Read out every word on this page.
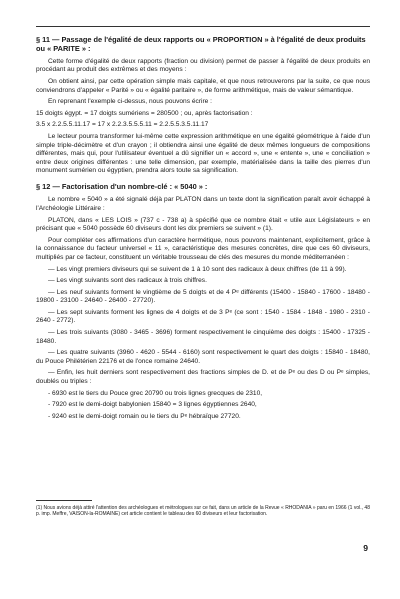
§ 11 — Passage de l'égalité de deux rapports ou « PROPORTION » à l'égalité de deux produits ou « PARITE » :
Cette forme d'égalité de deux rapports (fraction ou division) permet de passer à l'égalité de deux produits en procédant au produit des extrêmes et des moyens :
On obtient ainsi, par cette opération simple mais capitale, et que nous retrouverons par la suite, ce que nous conviendrons d'appeler « Parité » ou « égalité paritaire », de forme arithmétique, mais de valeur sémantique.
En reprenant l'exemple ci-dessus, nous pouvons écrire :
15 doigts égypt. = 17 doigts sumériens = 280500 ; ou, après factorisation :
3.5 x 2.2.5.5.11.17 = 17 x 2.2.3.5.5.5.11 = 2.2.5.5.3.5.11.17
Le lecteur pourra transformer lui-même cette expression arithmétique en une égalité géométrique à l'aide d'un simple triple-décimètre et d'un crayon ; il obtiendra ainsi une égalité de deux mêmes longueurs de compositions différentes, mais qui, pour l'utilisateur éventuel a dû signifier un « accord », une « entente », une « conciliation » entre deux origines différentes : une telle dimension, par exemple, matérialisée dans la taille des pierres d'un monument sumérien ou égyptien, prendra alors toute sa signification.
§ 12 — Factorisation d'un nombre-clé : « 5040 » :
Le nombre « 5040 » a été signalé déjà par PLATON dans un texte dont la signification paraît avoir échappé à l'Archéologie Littéraire :
PLATON, dans « LES LOIS » (737 c - 738 a) à spécifié que ce nombre était « utile aux Législateurs » en précisant que « 5040 possède 60 diviseurs dont les dix premiers se suivent » (1).
Pour compléter ces affirmations d'un caractère hermétique, nous pouvons maintenant, explicitement, grâce à la connaissance du facteur universel « 11 », caractéristique des mesures concrètes, dire que ces 60 diviseurs, multipliés par ce facteur, constituent un véritable trousseau de clés des mesures du monde méditerranéen :
— Les vingt premiers diviseurs qui se suivent de 1 à 10 sont des radicaux à deux chiffres (de 11 à 99).
— Les vingt suivants sont des radicaux à trois chiffres.
— Les neuf suivants forment le vingtième de 5 doigts et de 4 Pᵉ différents (15400 - 15840 - 17600 - 18480 - 19800 - 23100 - 24640 - 26400 - 27720).
— Les sept suivants forment les lignes de 4 doigts et de 3 Pᵉ (ce sont : 1540 - 1584 - 1848 - 1980 - 2310 - 2640 - 2772).
— Les trois suivants (3080 - 3465 - 3696) forment respectivement le cinquième des doigts : 15400 - 17325 - 18480.
— Les quatre suivants (3960 - 4620 - 5544 - 6160) sont respectivement le quart des doigts : 15840 - 18480, du Pouce Philétérien 22176 et de l'once romaine 24640.
— Enfin, les huit derniers sont respectivement des fractions simples de D. et de Pᵉ ou des D ou Pᵉ simples, doublés ou triples :
- 6930 est le tiers du Pouce grec 20790 ou trois lignes grecques de 2310,
- 7920 est le demi-doigt babylonien 15840 = 3 lignes égyptiennes 2640,
- 9240 est le demi-doigt romain ou le tiers du Pᵉ hébraïque 27720.
(1) Nous avions déjà attiré l'attention des archéologues et métrologues sur ce fait, dans un article de la Revue « RHODANIA » paru en 1966 (1 vol., 48 p. imp. Meffre, VAISON-la-ROMAINE) cet article contient le tableau des 60 diviseurs et leur factorisation.
9
